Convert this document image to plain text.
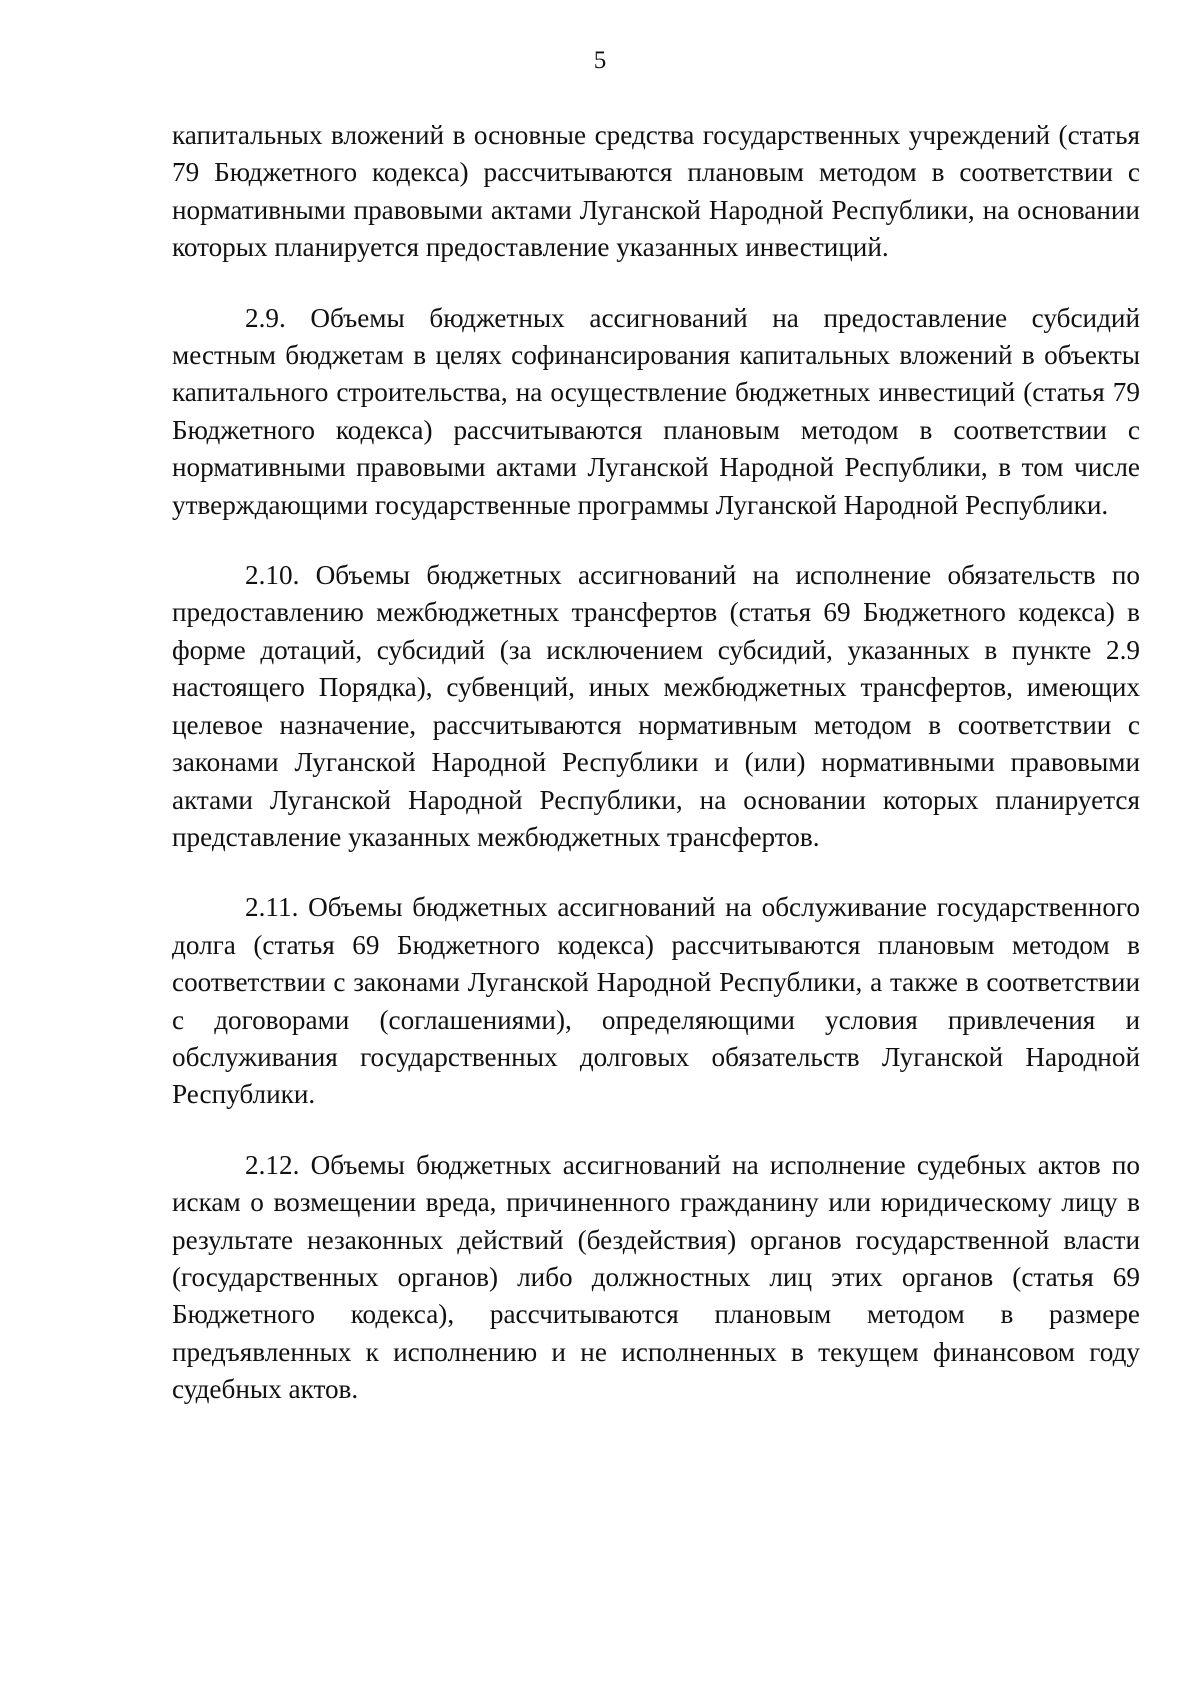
5

капитальных вложений в основные средства государственных учреждений (статья 79 Бюджетного кодекса) рассчитываются плановым методом в соответствии с нормативными правовыми актами Луганской Народной Республики, на основании которых планируется предоставление указанных инвестиций.

2.9. Объемы бюджетных ассигнований на предоставление субсидий местным бюджетам в целях софинансирования капитальных вложений в объекты капитального строительства, на осуществление бюджетных инвестиций (статья 79 Бюджетного кодекса) рассчитываются плановым методом в соответствии с нормативными правовыми актами Луганской Народной Республики, в том числе утверждающими государственные программы Луганской Народной Республики.

2.10. Объемы бюджетных ассигнований на исполнение обязательств по предоставлению межбюджетных трансфертов (статья 69 Бюджетного кодекса) в форме дотаций, субсидий (за исключением субсидий, указанных в пункте 2.9 настоящего Порядка), субвенций, иных межбюджетных трансфертов, имеющих целевое назначение, рассчитываются нормативным методом в соответствии с законами Луганской Народной Республики и (или) нормативными правовыми актами Луганской Народной Республики, на основании которых планируется представление указанных межбюджетных трансфертов.

2.11. Объемы бюджетных ассигнований на обслуживание государственного долга (статья 69 Бюджетного кодекса) рассчитываются плановым методом в соответствии с законами Луганской Народной Республики, а также в соответствии с договорами (соглашениями), определяющими условия привлечения и обслуживания государственных долговых обязательств Луганской Народной Республики.

2.12. Объемы бюджетных ассигнований на исполнение судебных актов по искам о возмещении вреда, причиненного гражданину или юридическому лицу в результате незаконных действий (бездействия) органов государственной власти (государственных органов) либо должностных лиц этих органов (статья 69 Бюджетного кодекса), рассчитываются плановым методом в размере предъявленных к исполнению и не исполненных в текущем финансовом году судебных актов.
